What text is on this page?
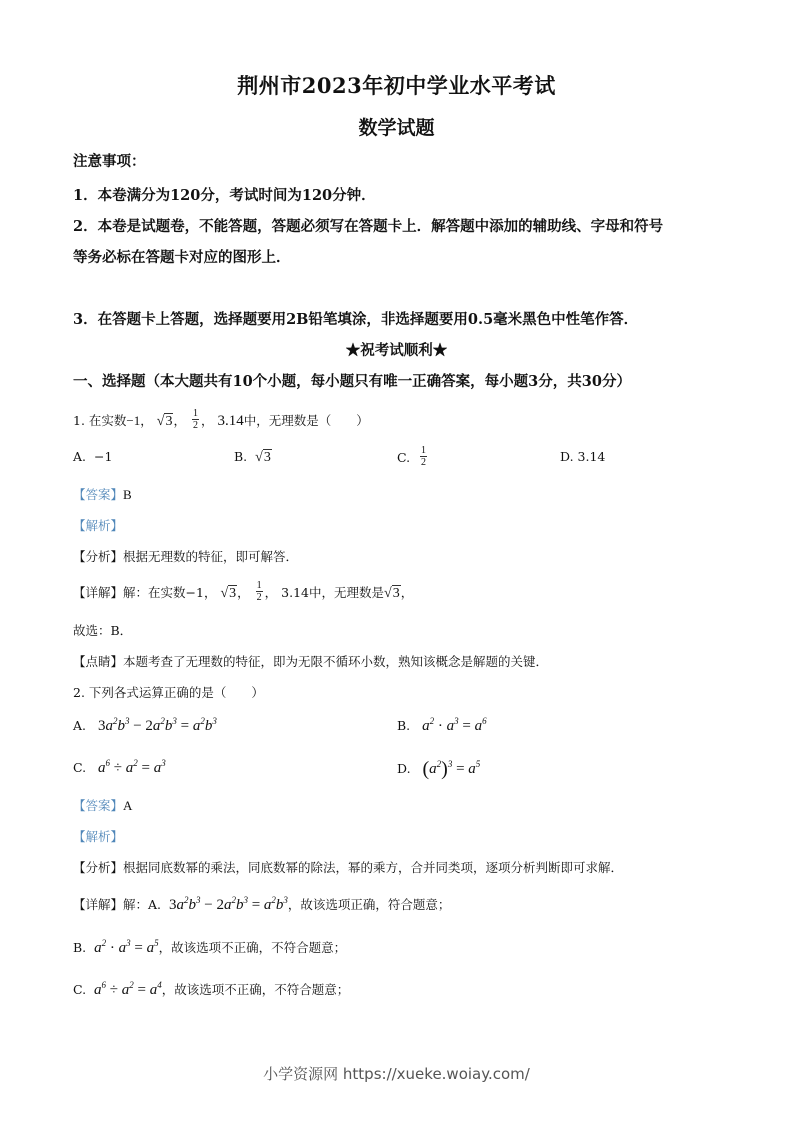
荆州市2023年初中学业水平考试
数学试题
注意事项：
1．本卷满分为120分，考试时间为120分钟．
2．本卷是试题卷，不能答题，答题必须写在答题卡上．解答题中添加的辅助线、字母和符号
等务必标在答题卡对应的图形上．
3．在答题卡上答题，选择题要用2B铅笔填涂，非选择题要用0.5毫米黑色中性笔作答．
★祝考试顺利★
一、选择题（本大题共有10个小题，每小题只有唯一正确答案，每小题3分，共30分）
1. 在实数−1， √3， $\frac{1}{2}$ ， 3.14中，无理数是（　　）
A. −1	B. √3	C. $\frac{1}{2}$	D. 3.14
【答案】B
【解析】
【分析】根据无理数的特征，即可解答．
【详解】解：在实数−1， √3， $\frac{1}{2}$ ， 3.14中，无理数是√3，
故选：B．
【点睛】本题考查了无理数的特征，即为无限不循环小数，熟知该概念是解题的关键．
2. 下列各式运算正确的是（　　）
A. $3a^2b^3 - 2a^2b^3 = a^2b^3$	B. $a^2 \cdot a^3 = a^6$
C. $a^6 \div a^2 = a^3$	D. $(a^2)^3 = a^5$
【答案】A
【解析】
【分析】根据同底数幂的乘法，同底数幂的除法，幂的乘方，合并同类项，逐项分析判断即可求解．
【详解】解：A. $3a^2b^3 - 2a^2b^3 = a^2b^3$，故该选项正确，符合题意；
B. $a^2 \cdot a^3 = a^5$，故该选项不正确，不符合题意；
C. $a^6 \div a^2 = a^4$，故该选项不正确，不符合题意；
小学资源网 https://xueke.woiay.com/
